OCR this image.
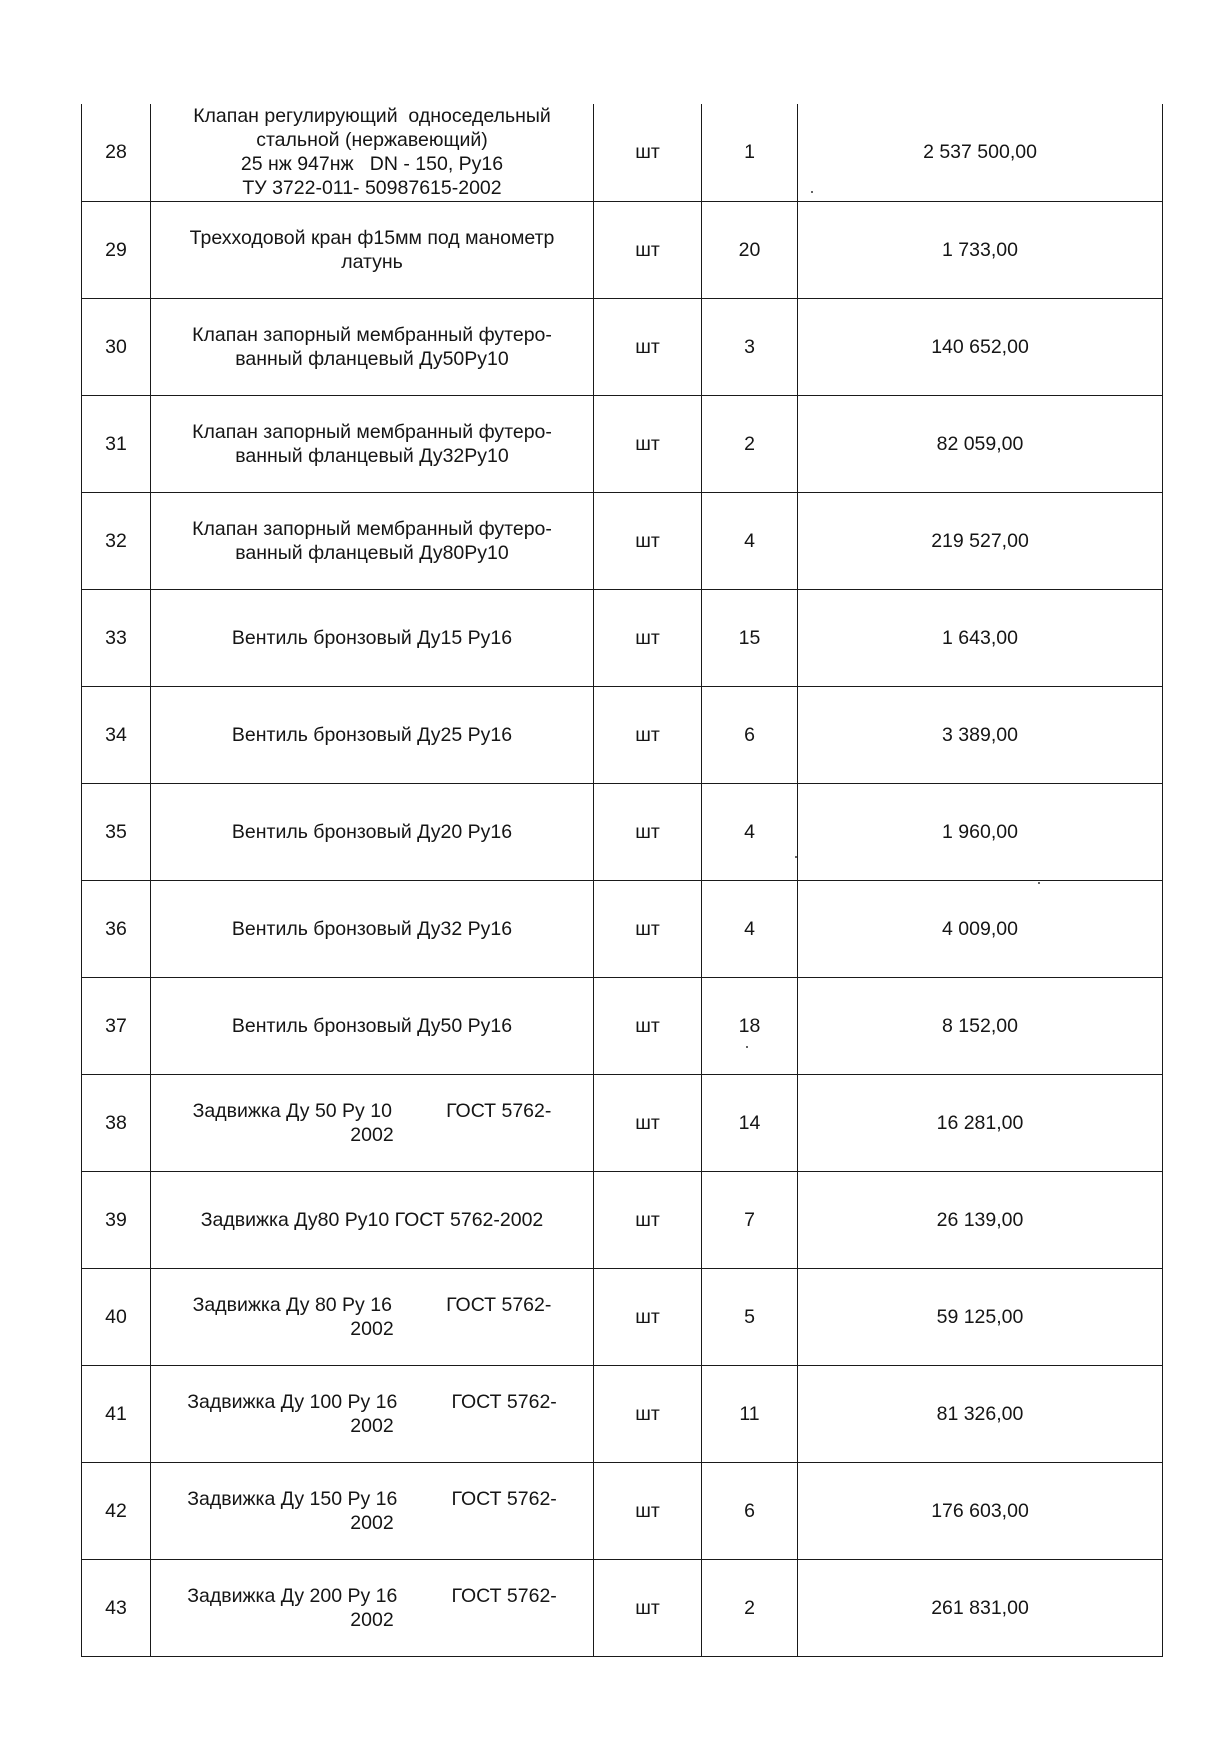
28	Клапан регулирующий  односедельный
стальной (нержавеющий)
25 нж 947нж   DN - 150, Ру16
ТУ 3722-011- 50987615-2002	шт	1	2 537 500,00
29	Трехходовой кран ф15мм под манометр
латунь	шт	20	1 733,00
30	Клапан запорный мембранный футеро-
ванный фланцевый Ду50Ру10	шт	3	140 652,00
31	Клапан запорный мембранный футеро-
ванный фланцевый Ду32Ру10	шт	2	82 059,00
32	Клапан запорный мембранный футеро-
ванный фланцевый Ду80Ру10	шт	4	219 527,00
33	Вентиль бронзовый Ду15 Ру16	шт	15	1 643,00
34	Вентиль бронзовый Ду25 Ру16	шт	6	3 389,00
35	Вентиль бронзовый Ду20 Ру16	шт	4	1 960,00
36	Вентиль бронзовый Ду32 Ру16	шт	4	4 009,00
37	Вентиль бронзовый Ду50 Ру16	шт	18	8 152,00
38	Задвижка Ду 50 Ру 10          ГОСТ 5762-
2002	шт	14	16 281,00
39	Задвижка Ду80 Ру10 ГОСТ 5762-2002	шт	7	26 139,00
40	Задвижка Ду 80 Ру 16          ГОСТ 5762-
2002	шт	5	59 125,00
41	Задвижка Ду 100 Ру 16          ГОСТ 5762-
2002	шт	11	81 326,00
42	Задвижка Ду 150 Ру 16          ГОСТ 5762-
2002	шт	6	176 603,00
43	Задвижка Ду 200 Ру 16          ГОСТ 5762-
2002	шт	2	261 831,00
